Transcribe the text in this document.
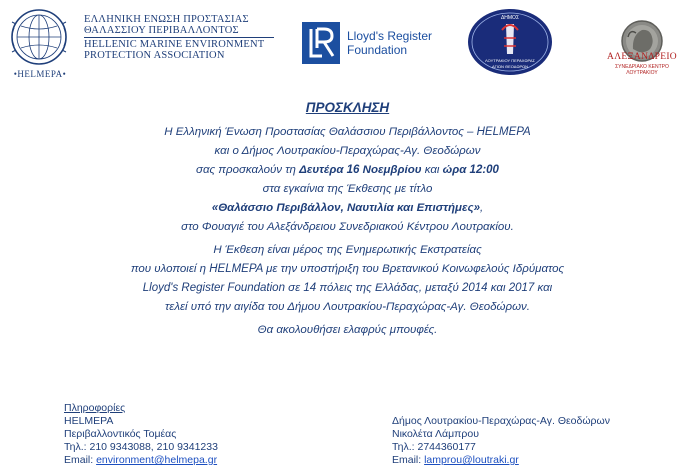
•HELMEPA•
ΕΛΛΗΝΙΚΗ ΕΝΩΣΗ ΠΡΟΣΤΑΣΙΑΣ
ΘΑΛΑΣΣΙΟΥ ΠΕΡΙΒΑΛΛΟΝΤΟΣ
HELLENIC MARINE ENVIRONMENT
PROTECTION ASSOCIATION
Lloyd's Register
Foundation
ΔΗΜΟΣ
ΛΟΥΤΡΑΚΙΟΥ ΠΕΡΑΧΩΡΑΣ
ΑΓΙΩΝ ΘΕΟΔΩΡΩΝ
ΑΛΕΞΑΝΔΡΕΙΟ
ΣΥΝΕΔΡΙΑΚΟ ΚΕΝΤΡΟ
ΛΟΥΤΡΑΚΙΟΥ
ΠΡΟΣΚΛΗΣΗ
Η Ελληνική Ένωση Προστασίας Θαλάσσιου Περιβάλλοντος – HELMEPA
και ο Δήμος Λουτρακίου-Περαχώρας-Αγ. Θεοδώρων
σας προσκαλούν τη Δευτέρα 16 Νοεμβρίου και ώρα 12:00
στα εγκαίνια της Έκθεσης με τίτλο
«Θαλάσσιο Περιβάλλον, Ναυτιλία και Επιστήμες»,
στο Φουαγιέ του Αλεξάνδρειου Συνεδριακού Κέντρου Λουτρακίου.
Η Έκθεση είναι μέρος της Ενημερωτικής Εκστρατείας
που υλοποιεί η HELMEPA με την υποστήριξη του Βρετανικού Κοινωφελούς Ιδρύματος
Lloyd's Register Foundation σε 14 πόλεις της Ελλάδας, μεταξύ 2014 και 2017 και
τελεί υπό την αιγίδα του Δήμου Λουτρακίου-Περαχώρας-Αγ. Θεοδώρων.
Θα ακολουθήσει ελαφρύς μπουφές.
Πληροφορίες
HELMEPA
Περιβαλλοντικός Τομέας
Τηλ.: 210 9343088, 210 9341233
Email: environment@helmepa.gr
Δήμος Λουτρακίου-Περαχώρας-Αγ. Θεοδώρων
Νικολέτα Λάμπρου
Τηλ.: 2744360177
Email: lamprou@loutraki.gr
